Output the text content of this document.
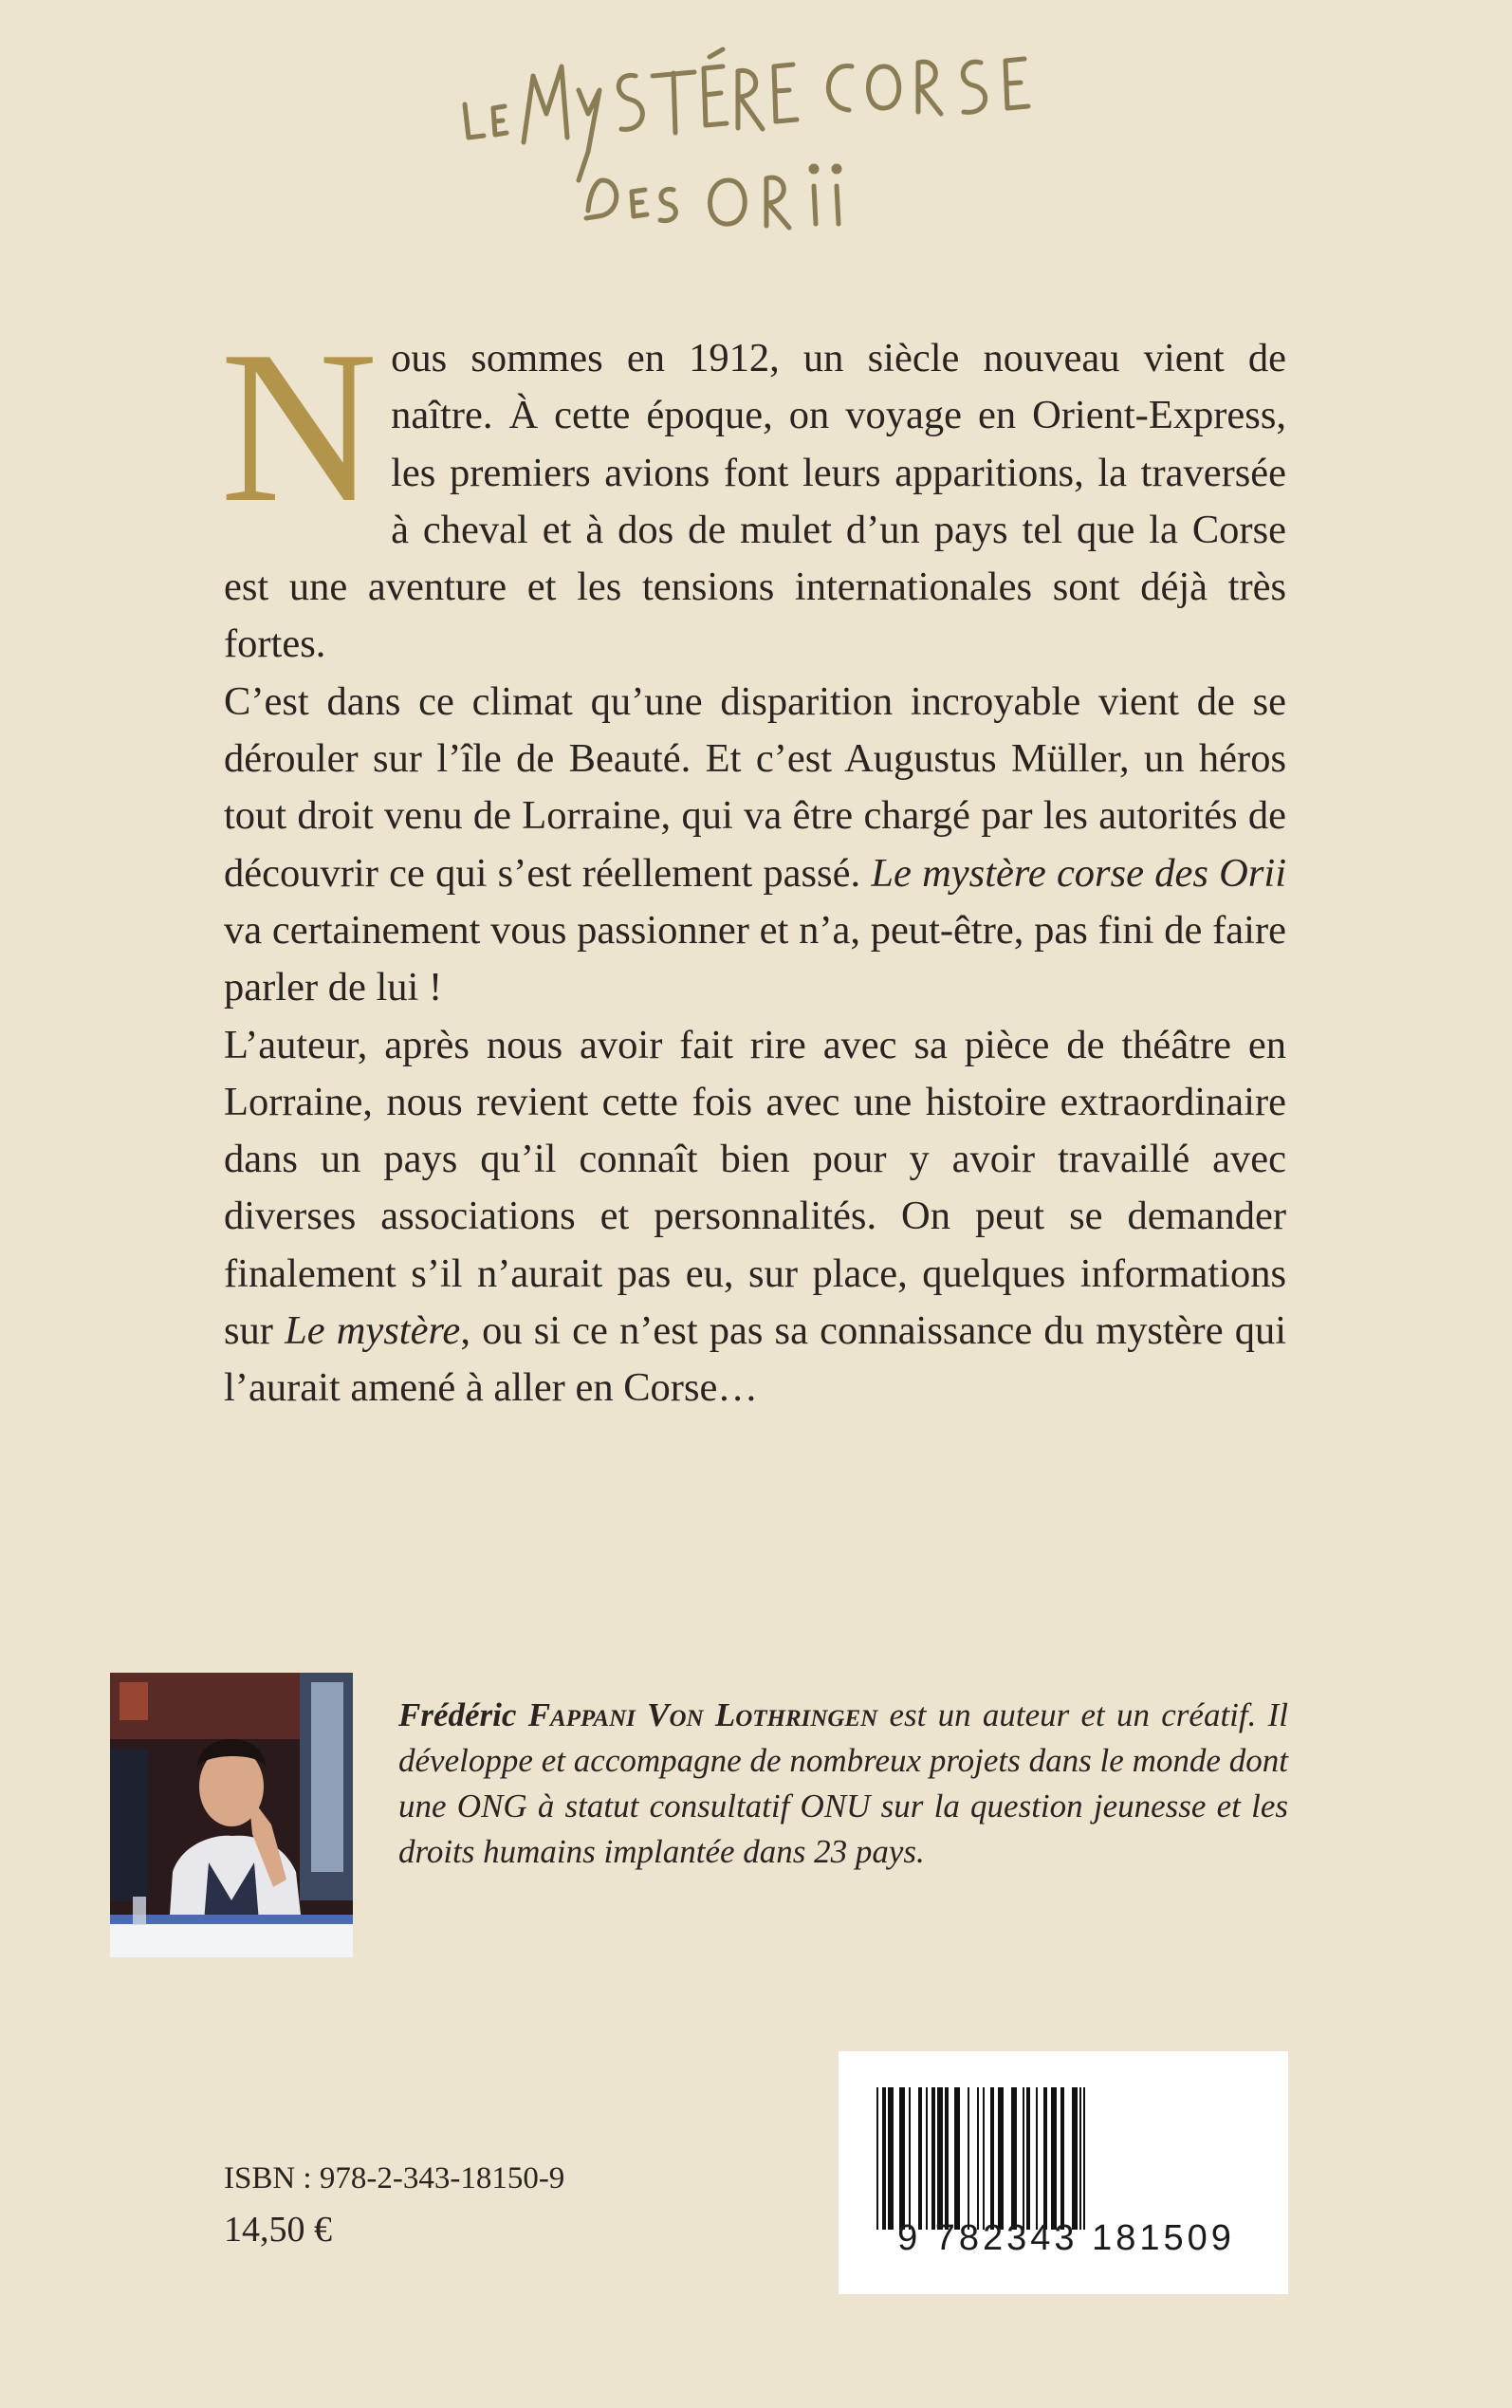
Nous sommes en 1912, un siècle nouveau vient de naître. À cette époque, on voyage en Orient-Express, les premiers avions font leurs apparitions, la traversée à cheval et à dos de mulet d’un pays tel que la Corse est une aventure et les tensions internationales sont déjà très fortes.

C’est dans ce climat qu’une disparition incroyable vient de se dérouler sur l’île de Beauté. Et c’est Augustus Müller, un héros tout droit venu de Lorraine, qui va être chargé par les autorités de découvrir ce qui s’est réellement passé. Le mystère corse des Orii va certainement vous passionner et n’a, peut-être, pas fini de faire parler de lui !

L’auteur, après nous avoir fait rire avec sa pièce de théâtre en Lorraine, nous revient cette fois avec une histoire extraordinaire dans un pays qu’il connaît bien pour y avoir travaillé avec diverses associations et personnalités. On peut se demander finalement s’il n’aurait pas eu, sur place, quelques informations sur Le mystère, ou si ce n’est pas sa connaissance du mystère qui l’aurait amené à aller en Corse…

Frédéric Fappani Von Lothringen est un auteur et un créatif. Il développe et accompagne de nombreux projets dans le monde dont une ONG à statut consultatif ONU sur la question jeunesse et les droits humains implantée dans 23 pays.
ISBN : 978-2-343-18150-9
14,50 €	9 782343 181509
